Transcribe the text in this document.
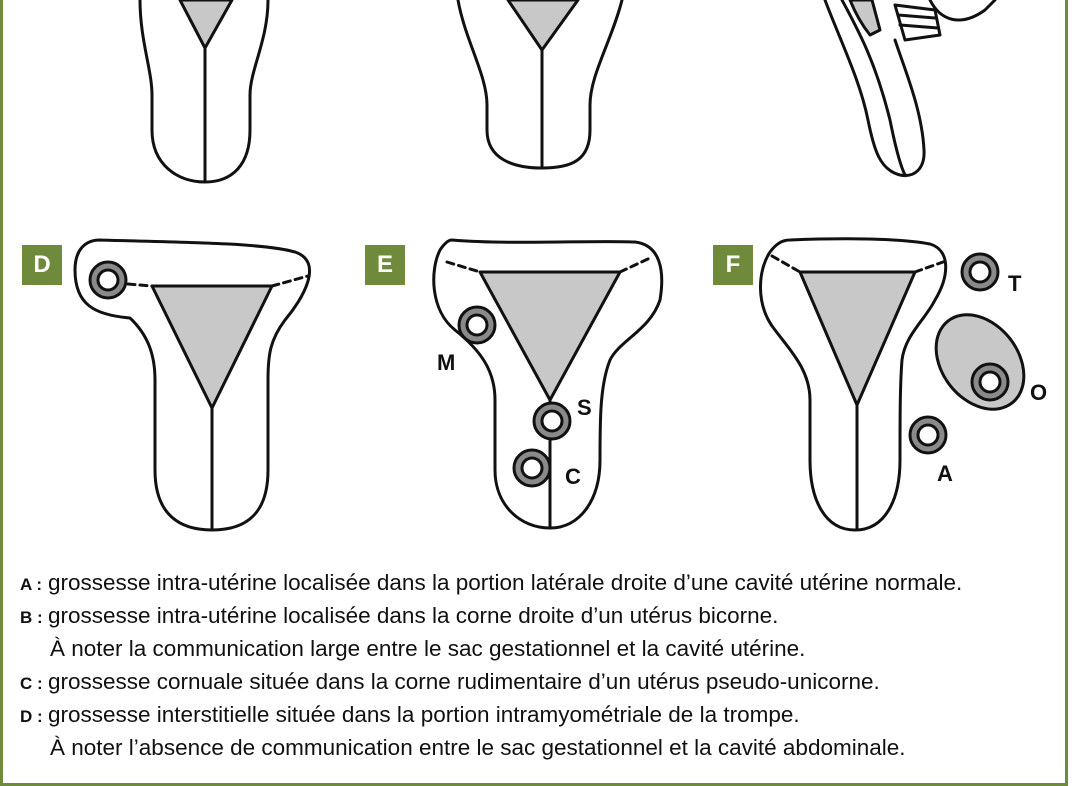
D	E	F
M
S
C
T
O
A
A : grossesse intra-utérine localisée dans la portion latérale droite d’une cavité utérine normale.
B : grossesse intra-utérine localisée dans la corne droite d’un utérus bicorne.
À noter la communication large entre le sac gestationnel et la cavité utérine.
C : grossesse cornuale située dans la corne rudimentaire d’un utérus pseudo-unicorne.
D : grossesse interstitielle située dans la portion intramyométriale de la trompe.
À noter l’absence de communication entre le sac gestationnel et la cavité abdominale.
